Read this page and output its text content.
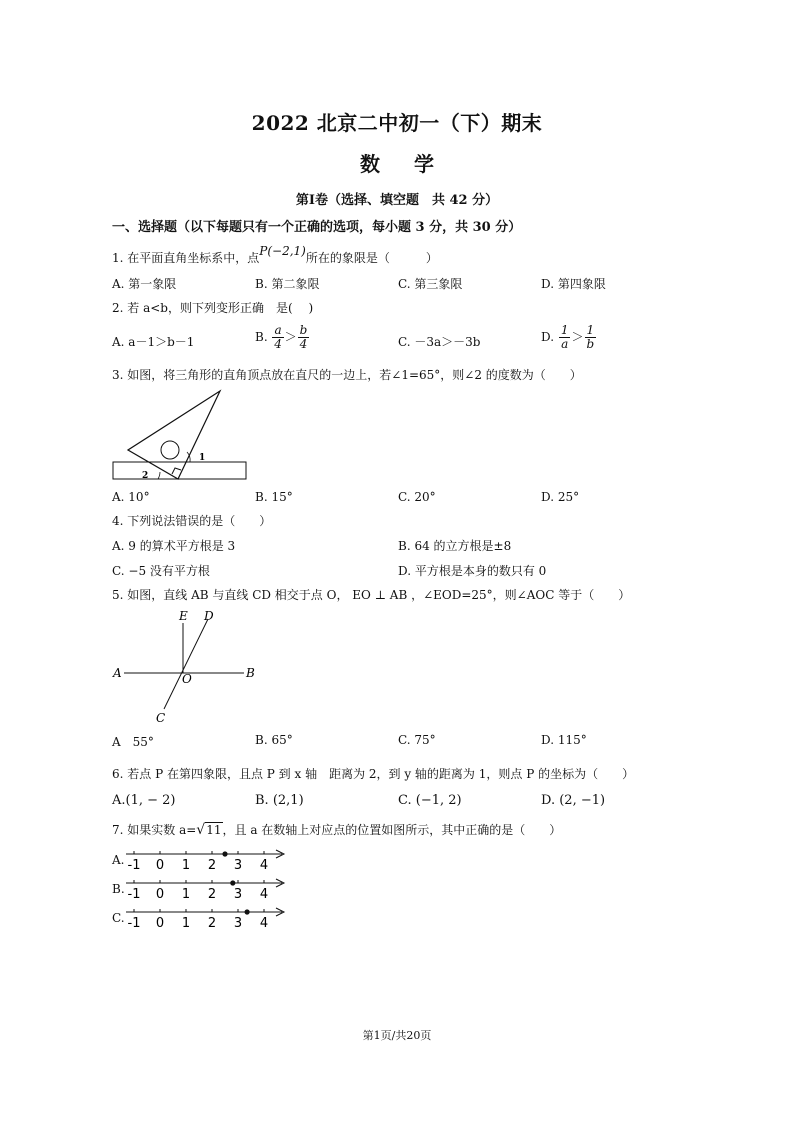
2022 北京二中初一（下）期末
数学
第Ⅰ卷（选择、填空题　共 42 分）
一、选择题（以下每题只有一个正确的选项，每小题 3 分，共 30 分）
1. 在平面直角坐标系中，点P(−2,1)所在的象限是（　　　）
A. 第一象限	B. 第二象限	C. 第三象限	D. 第四象限
2. 若 a<b，则下列变形正确　是(　 )
A. a－1＞b－1	B. $\frac{a}{4} > \frac{b}{4}$	C. －3a＞－3b	D. $\frac{1}{a} > \frac{1}{b}$
3. 如图，将三角形的直角顶点放在直尺的一边上，若∠1=65°，则∠2 的度数为（　　）
1
2
A. 10°	B. 15°	C. 20°	D. 25°
4. 下列说法错误的是（　　）
A. 9 的算术平方根是 3	B. 64 的立方根是±8
C. −5 没有平方根	D. 平方根是本身的数只有 0
5. 如图，直线 AB 与直线 CD 相交于点 O， EO ⊥ AB ，∠EOD=25°，则∠AOC 等于（　　）
E D
A	O	B
C
A　55°	B. 65°	C. 75°	D. 115°
6. 若点 P 在第四象限，且点 P 到 x 轴　距离为 2，到 y 轴的距离为 1，则点 P 的坐标为（　　）
A.(1, − 2)	B. (2,1)	C. (−1, 2)	D. (2, −1)
7. 如果实数 a=√11，且 a 在数轴上对应点的位置如图所示，其中正确的是（　　）
A. -1 0 1 2 3 4
B. -1 0 1 2 3 4
C. -1 0 1 2 3 4
第1页/共20页
